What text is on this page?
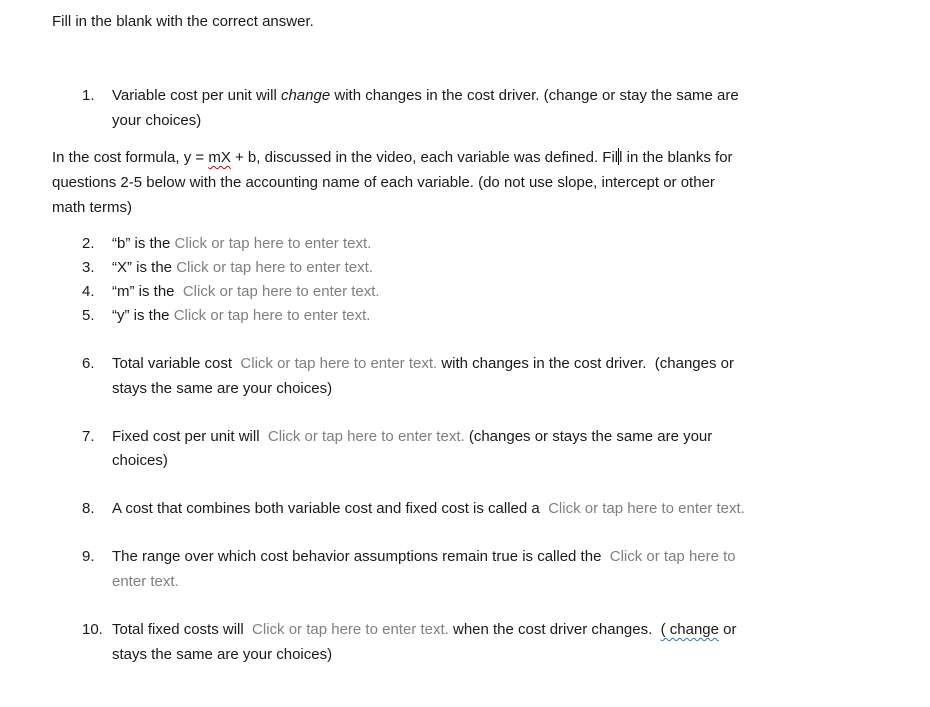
Fill in the blank with the correct answer.
1. Variable cost per unit will change with changes in the cost driver. (change or stay the same are
your choices)
In the cost formula, y = mX + b, discussed in the video, each variable was defined. Fill in the blanks for
questions 2-5 below with the accounting name of each variable. (do not use slope, intercept or other
math terms)
2. “b” is the Click or tap here to enter text.
3. “X” is the Click or tap here to enter text.
4. “m” is the  Click or tap here to enter text.
5. “y” is the Click or tap here to enter text.
6. Total variable cost  Click or tap here to enter text. with changes in the cost driver.  (changes or
stays the same are your choices)
7. Fixed cost per unit will  Click or tap here to enter text. (changes or stays the same are your
choices)
8. A cost that combines both variable cost and fixed cost is called a  Click or tap here to enter text.
9. The range over which cost behavior assumptions remain true is called the  Click or tap here to
enter text.
10. Total fixed costs will  Click or tap here to enter text. when the cost driver changes.  ( change or
stays the same are your choices)
